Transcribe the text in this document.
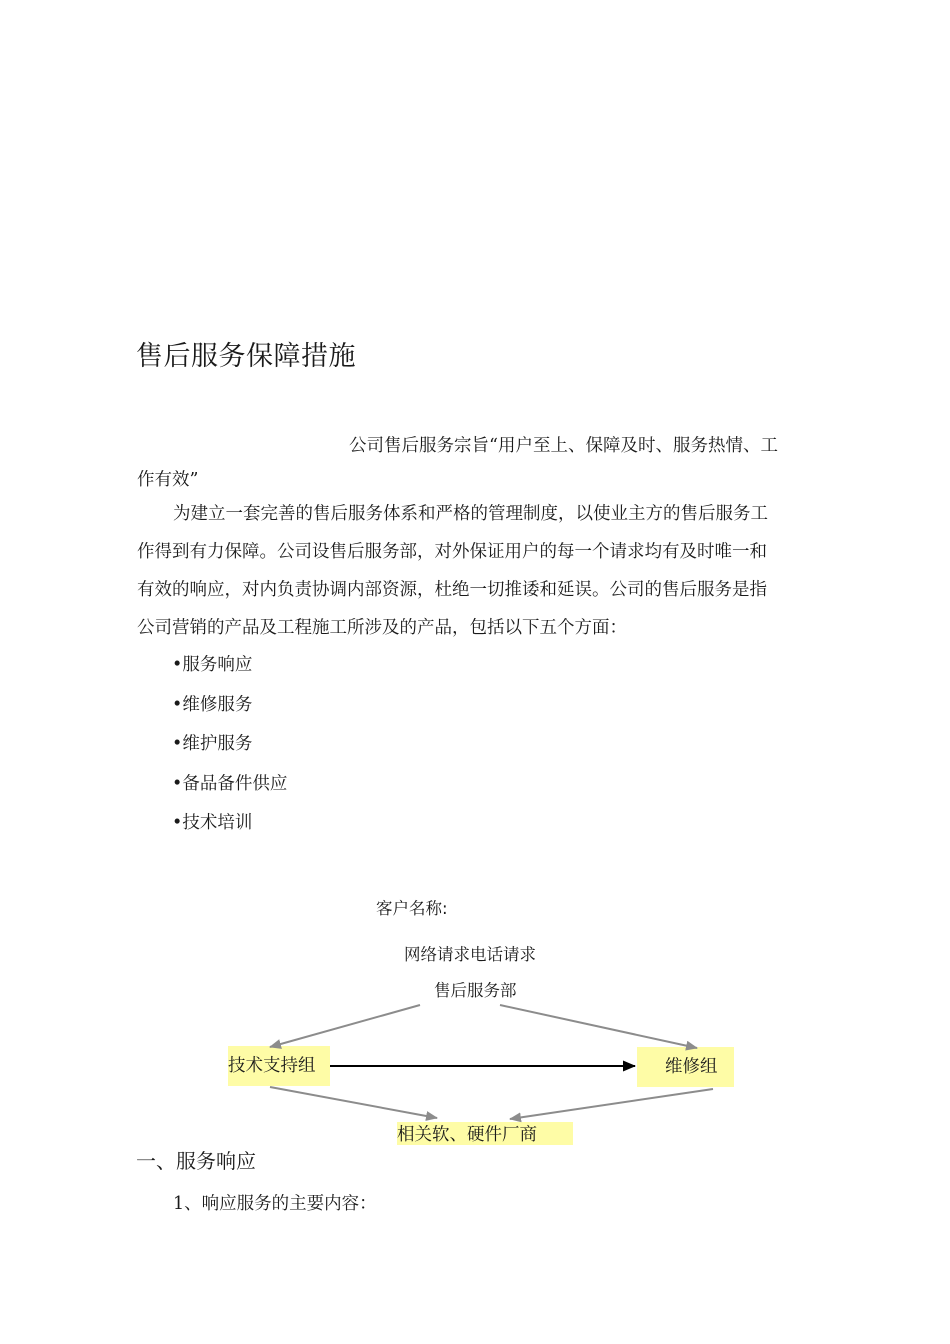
售后服务保障措施
公司售后服务宗旨“用户至上、保障及时、服务热情、工
作有效”
为建立一套完善的售后服务体系和严格的管理制度，以使业主方的售后服务工
作得到有力保障。公司设售后服务部，对外保证用户的每一个请求均有及时唯一和
有效的响应，对内负责协调内部资源，杜绝一切推诿和延误。公司的售后服务是指
公司营销的产品及工程施工所涉及的产品，包括以下五个方面：
•服务响应
•维修服务
•维护服务
•备品备件供应
•技术培训
客户名称:
网络请求电话请求
售后服务部
技术支持组	维修组
相关软、硬件厂商
一、服务响应
1、响应服务的主要内容：
